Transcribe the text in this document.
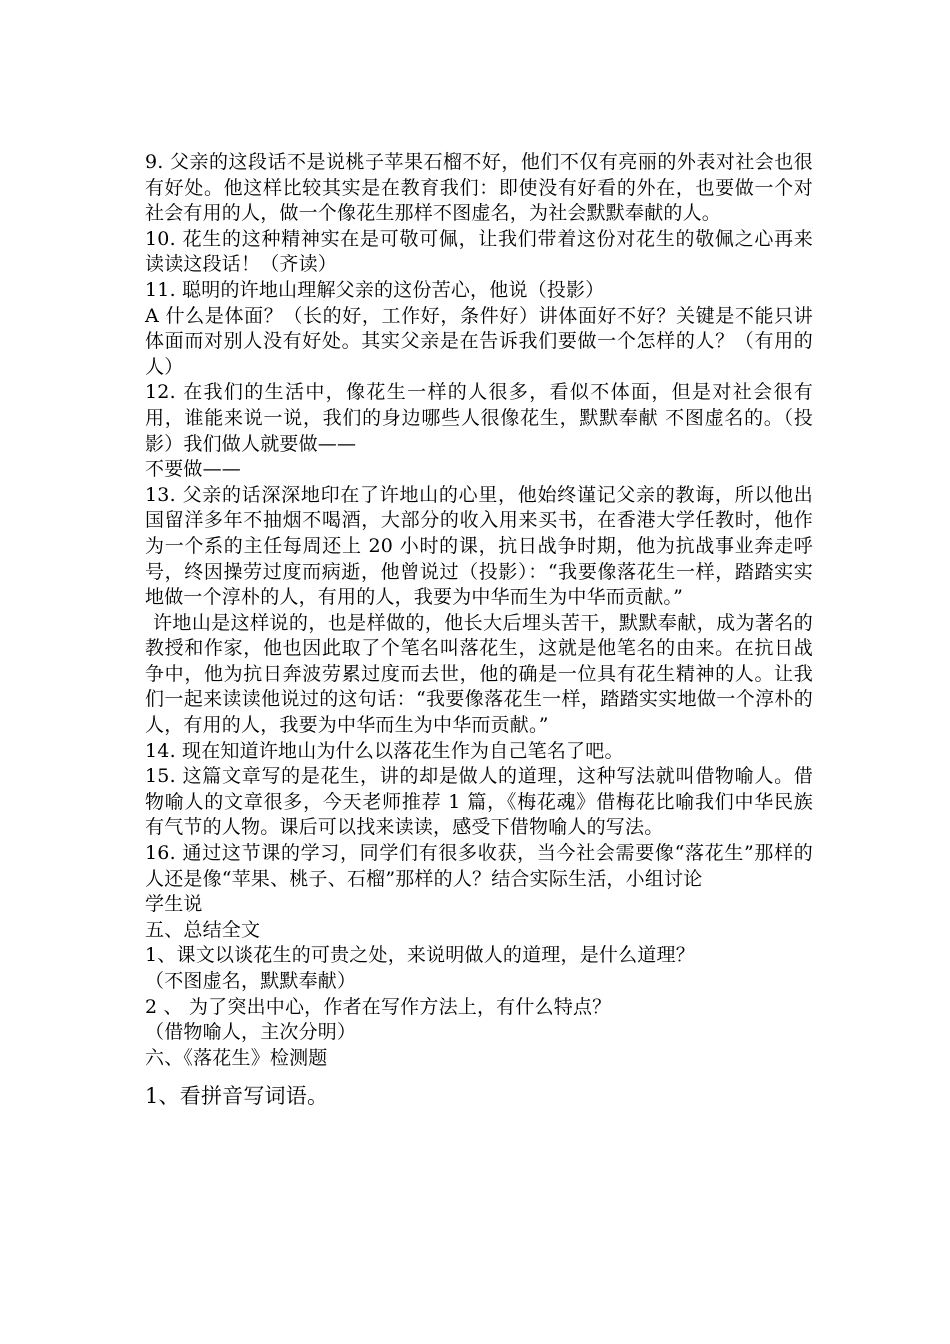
9. 父亲的这段话不是说桃子苹果石榴不好，他们不仅有亮丽的外表对社会也很有好处。他这样比较其实是在教育我们：即使没有好看的外在，也要做一个对社会有用的人，做一个像花生那样不图虚名，为社会默默奉献的人。

10. 花生的这种精神实在是可敬可佩，让我们带着这份对花生的敬佩之心再来读读这段话！（齐读）

11. 聪明的许地山理解父亲的这份苦心，他说（投影）

A 什么是体面？（长的好，工作好，条件好）讲体面好不好？关键是不能只讲体面而对别人没有好处。其实父亲是在告诉我们要做一个怎样的人？（有用的人）

12. 在我们的生活中，像花生一样的人很多，看似不体面，但是对社会很有用，谁能来说一说，我们的身边哪些人很像花生，默默奉献 不图虚名的。（投影）我们做人就要做——

不要做——

13. 父亲的话深深地印在了许地山的心里，他始终谨记父亲的教诲，所以他出国留洋多年不抽烟不喝酒，大部分的收入用来买书，在香港大学任教时，他作为一个系的主任每周还上 20 小时的课，抗日战争时期，他为抗战事业奔走呼号，终因操劳过度而病逝，他曾说过（投影）：“我要像落花生一样，踏踏实实地做一个淳朴的人，有用的人，我要为中华而生为中华而贡献。”

许地山是这样说的，也是样做的，他长大后埋头苦干，默默奉献，成为著名的教授和作家，他也因此取了个笔名叫落花生，这就是他笔名的由来。在抗日战争中，他为抗日奔波劳累过度而去世，他的确是一位具有花生精神的人。让我们一起来读读他说过的这句话：“我要像落花生一样，踏踏实实地做一个淳朴的人，有用的人，我要为中华而生为中华而贡献。”

14. 现在知道许地山为什么以落花生作为自己笔名了吧。

15. 这篇文章写的是花生，讲的却是做人的道理，这种写法就叫借物喻人。借物喻人的文章很多，今天老师推荐 1 篇，《梅花魂》借梅花比喻我们中华民族有气节的人物。课后可以找来读读，感受下借物喻人的写法。

16. 通过这节课的学习，同学们有很多收获，当今社会需要像“落花生”那样的人还是像“苹果、桃子、石榴”那样的人？结合实际生活，小组讨论

学生说

五、总结全文

1、课文以谈花生的可贵之处，来说明做人的道理，是什么道理？

（不图虚名，默默奉献）

2 、 为了突出中心，作者在写作方法上，有什么特点？

（借物喻人，主次分明）

六、《落花生》检测题

1、看拼音写词语。
